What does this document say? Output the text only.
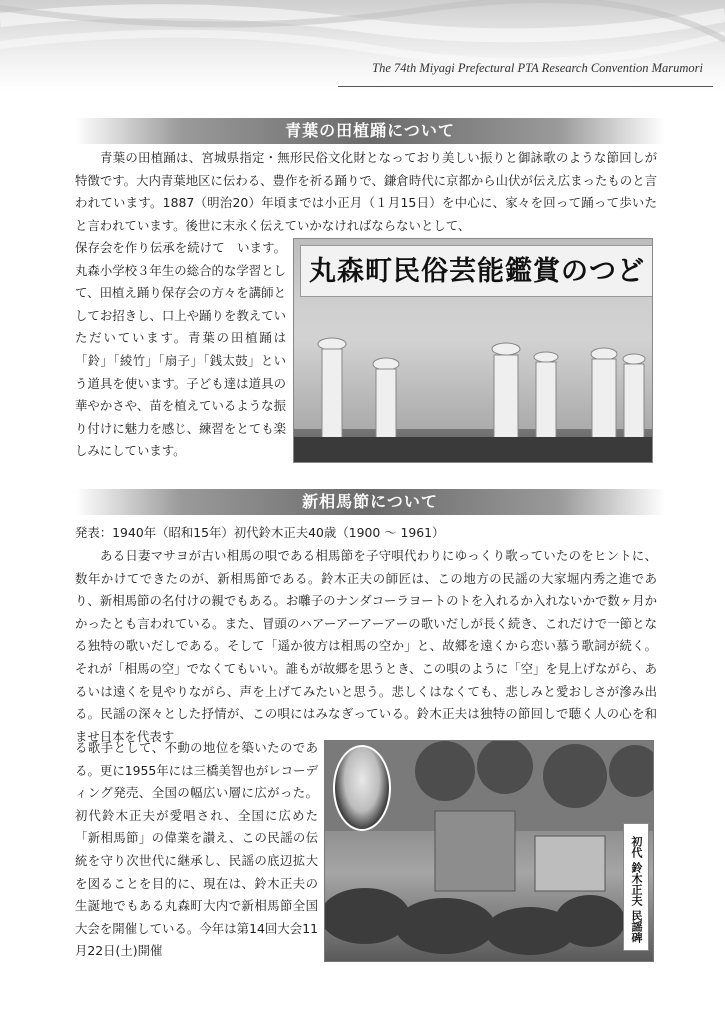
The 74th Miyagi Prefectural PTA Research Convention Marumori
青葉の田植踊について
　青葉の田植踊は、宮城県指定・無形民俗文化財となっており美しい振りと御詠歌のような節回しが特徴です。大内青葉地区に伝わる、豊作を祈る踊りで、鎌倉時代に京都から山伏が伝え広まったものと言われています。1887（明治20）年頃までは小正月（１月15日）を中心に、家々を回って踊って歩いたと言われています。後世に末永く伝えていかなければならないとして、
保存会を作り伝承を続けて　います。丸森小学校３年生の総合的な学習として、田植え踊り保存会の方々を講師としてお招きし、口上や踊りを教えていただいています。青葉の田植踊は「鈴」「綾竹」「扇子」「銭太鼓」という道具を使います。子ども達は道具の華やかさや、苗を植えているような振り付けに魅力を感じ、練習をとても楽しみにしています。
丸森町民俗芸能鑑賞のつど
新相馬節について
発表：1940年（昭和15年）初代鈴木正夫40歳（1900 ～ 1961）
　ある日妻マサヨが古い相馬の唄である相馬節を子守唄代わりにゆっくり歌っていたのをヒントに、数年かけてできたのが、新相馬節である。鈴木正夫の師匠は、この地方の民謡の大家堀内秀之進であり、新相馬節の名付けの親でもある。お囃子のナンダコーラヨートのトを入れるか入れないかで数ヶ月かかったとも言われている。また、冒頭のハアーアーアーアーの歌いだしが長く続き、これだけで一節となる独特の歌いだしである。そして「遥か彼方は相馬の空か」と、故郷を遠くから恋い慕う歌詞が続く。それが「相馬の空」でなくてもいい。誰もが故郷を思うとき、この唄のように「空」を見上げながら、あるいは遠くを見やりながら、声を上げてみたいと思う。悲しくはなくても、悲しみと愛おしさが滲み出る。民謡の深々とした抒情が、この唄にはみなぎっている。鈴木正夫は独特の節回しで聴く人の心を和ませ日本を代表す
る歌手として、不動の地位を築いたのである。更に1955年には三橋美智也がレコーディング発売、全国の幅広い層に広がった。初代鈴木正夫が愛唱され、全国に広めた「新相馬節」の偉業を讃え、この民謡の伝統を守り次世代に継承し、民謡の底辺拡大を図ることを目的に、現在は、鈴木正夫の生誕地でもある丸森町大内で新相馬節全国大会を開催している。今年は第14回大会11月22日(土)開催
初代 鈴木正夫 民謡碑
